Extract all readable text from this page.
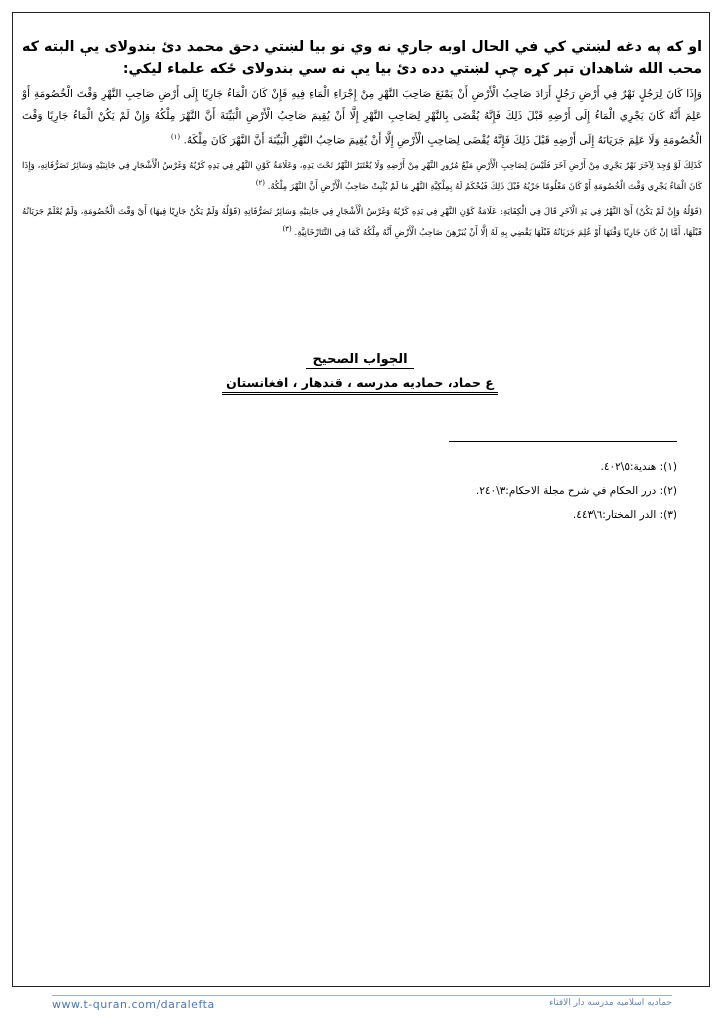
او كه په دغه لښتي كي في الحال اوبه جاري نه وي نو بيا لښتي دحق محمد دئ بندولاى يې البته كه محب الله شاهدان تېر كړه چې لښتي دده دئ بيا يې نه سي بندولاى ځكه علماء ليكي:

وَإِذَا كَانَ لِرَجُلٍ نَهْرٌ فِي أَرْضِ رَجُلٍ أَرَادَ صَاحِبُ الْأَرْضِ أَنْ يَمْنَعَ صَاحِبَ النَّهْرِ مِنْ إِجْرَاءِ الْمَاءِ فِيهِ فَإِنْ كَانَ الْمَاءُ جَارِيًا إِلَى أَرْضِ صَاحِبِ النَّهْرِ وَقْتَ الْخُصُومَةِ أَوْ عَلِمَ أَنَّهُ كَانَ يَجْرِي الْمَاءُ إِلَى أَرْضِهِ قَبْلَ ذَلِكَ فَإِنَّهُ يُقْضَى بِالنَّهْرِ لِصَاحِبِ النَّهْرِ إِلَّا أَنْ يُقِيمَ صَاحِبُ الْأَرْضِ الْبَيِّنَةَ أَنَّ النَّهْرَ مِلْكُهُ وَإِنْ لَمْ يَكُنْ الْمَاءُ جَارِيًا وَقْتَ الْخُصُومَةِ وَلَا عَلِمَ جَرَيَانَهُ إِلَى أَرْضِهِ قَبْلَ ذَلِكَ فَإِنَّهُ يُقْضَى لِصَاحِبِ الْأَرْضِ إِلَّا أَنْ يُقِيمَ صَاحِبُ النَّهْرِ الْبَيِّنَةَ أَنَّ النَّهْرَ كَانَ مِلْكَهُ. $^{(١)}$

كَذَلِكَ لَوْ وُجِدَ لِآخَرَ نَهْرٌ يَجْرِي مِنْ أَرْضِ آخَرَ فَلَيْسَ لِصَاحِبِ الْأَرْضِ مَنْعُ مُرُورِ النَّهْرِ مِنْ أَرْضِهِ وَلَا يُعْتَبَرُ النَّهْرُ تَحْتَ يَدِهِ، وَعَلَامَةُ كَوْنِ النَّهْرِ فِي يَدِهِ كَرْيُهُ وَغَرْسُ الْأَشْجَارِ فِي جَانِبَيْهِ وَسَائِرُ تَصَرُّفَاتِهِ، وَإِذَا كَانَ الْمَاءُ يَجْرِي وَقْتَ الْخُصُومَةِ أَوْ كَانَ مَعْلُومًا جَرْيُهُ قَبْلَ ذَلِكَ فَيُحْكَمُ لَهُ بِمِلْكِيَّةِ النَّهْرِ مَا لَمْ يُثْبِتْ صَاحِبُ الْأَرْضِ أَنَّ النَّهْرَ مِلْكُهُ. $^{(٢)}$

(قَوْلُهُ وَإِنْ لَمْ يَكُنْ) أَيْ النَّهْرُ فِي يَدِ الْآخَرِ قَالَ فِي الْكِفَايَةِ: عَلَامَةُ كَوْنِ النَّهْرِ فِي يَدِهِ كَرْيُهُ وَغَرْسُ الْأَشْجَارِ فِي جَانِبَيْهِ وَسَائِرُ تَصَرُّفَاتِهِ (قَوْلُهُ وَلَمْ يَكُنْ جَارِيًا فِيهَا) أَيْ وَقْتَ الْخُصُومَةِ، وَلَمْ يُعْلَمْ جَرَيَانُهُ قَبْلَهَا، أَمَّا إنْ كَانَ جَارِيًا وَقْتَهَا أَوْ عُلِمَ جَرَيَانُهُ قَبْلَهَا يَقْضِي بِهِ لَهُ إلَّا أَنْ يُبَرْهِنَ صَاحِبُ الْأَرْضِ أَنَّهُ مِلْكُهُ كَمَا فِي التَّتَارْخَانِيَّةِ. $^{(٣)}$

الجواب الصحيح
ع حماد، حماديه مدرسه ، قندهار ، افغانستان
(١): هندية:٥\٤٠٢.
(٢): درر الحكام في شرح مجلة الاحكام:٣\٢٤٠.
(٣): الدر المختار:٦\٤٤٣.
www.t-quran.com/daralefta	حماديه اسلاميه مدرسه دار الافتاء
